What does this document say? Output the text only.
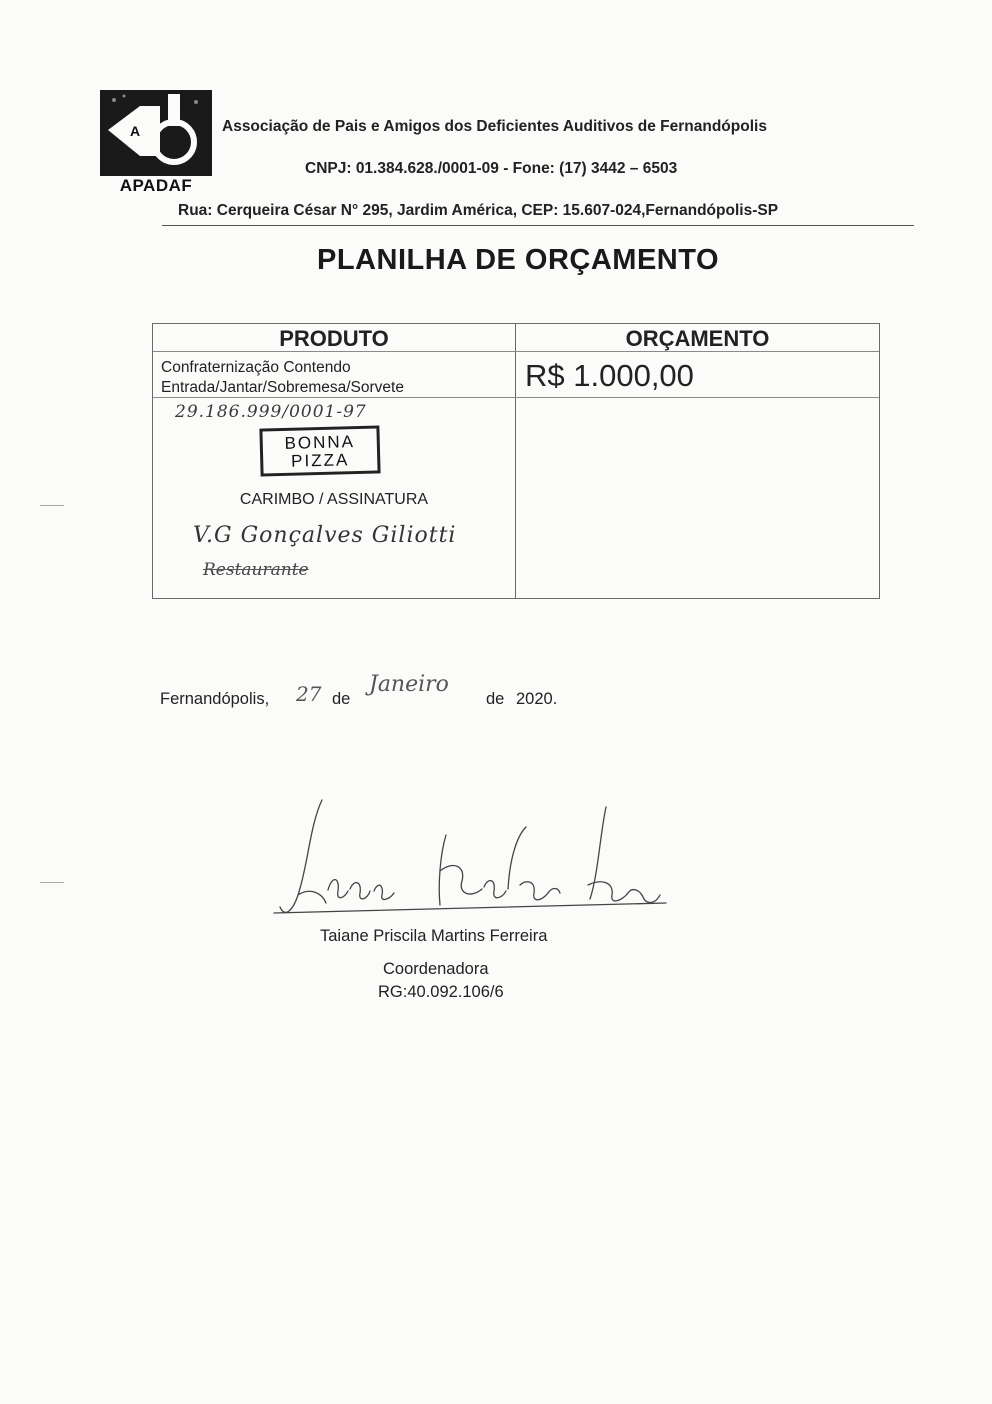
A
APADAF
Associação de Pais e Amigos dos Deficientes Auditivos de Fernandópolis
CNPJ: 01.384.628./0001-09 - Fone: (17) 3442 – 6503
Rua: Cerqueira César N° 295, Jardim América, CEP: 15.607-024,Fernandópolis-SP
PLANILHA DE ORÇAMENTO
PRODUTO	ORÇAMENTO
Confraternização Contendo
Entrada/Jantar/Sobremesa/Sorvete	R$ 1.000,00
29.186.999/0001-97
BONNA
PIZZA
CARIMBO / ASSINATURA
V.G Gonçalves Giliotti
Restaurante
Fernandópolis, 27 de
Janeiro
de 2020.
Taiane Priscila Martins Ferreira
Coordenadora
RG:40.092.106/6
